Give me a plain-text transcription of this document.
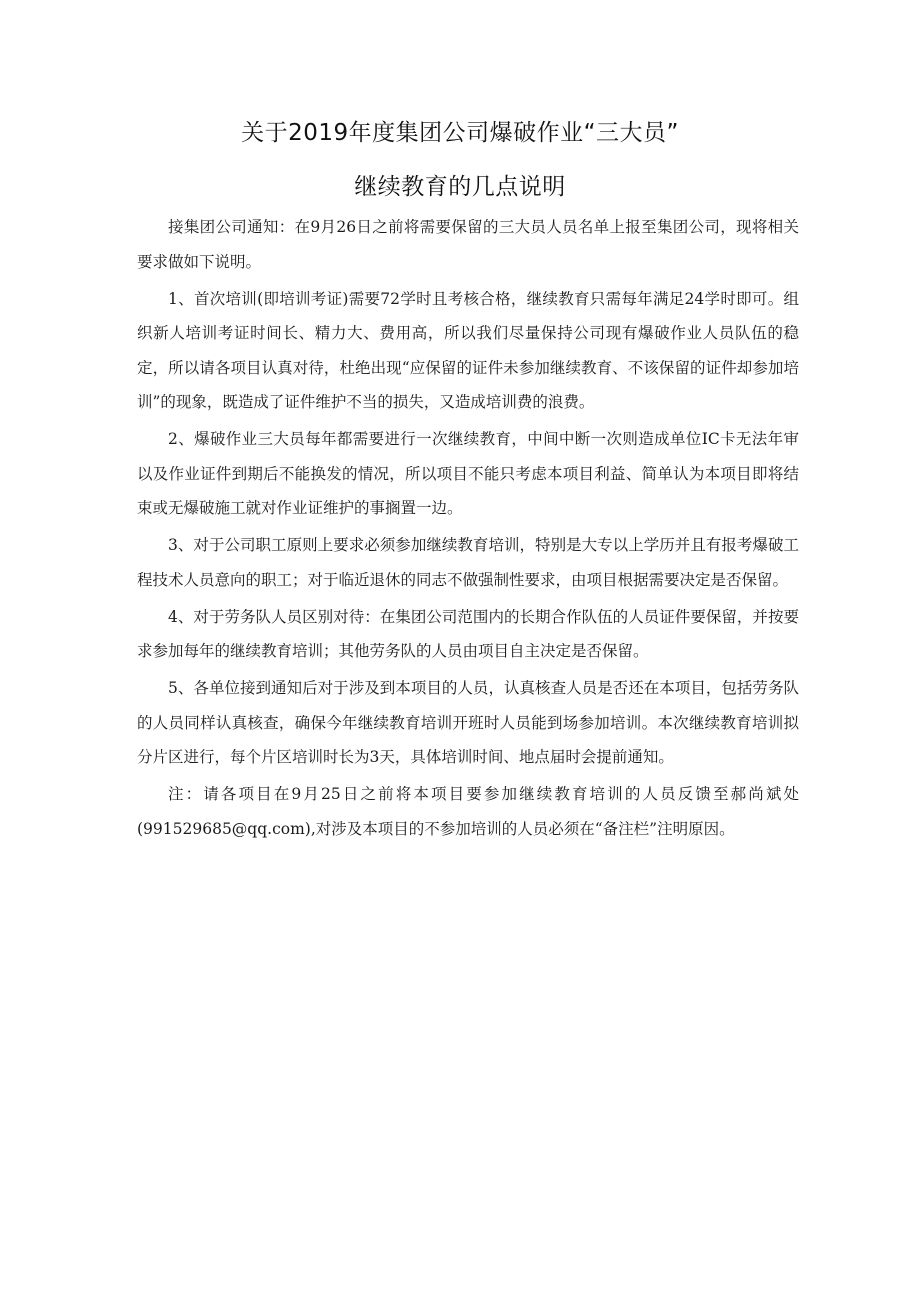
关于2019年度集团公司爆破作业“三大员”
继续教育的几点说明

接集团公司通知：在9月26日之前将需要保留的三大员人员名单上报至集团公司，现将相关要求做如下说明。

1、首次培训(即培训考证)需要72学时且考核合格，继续教育只需每年满足24学时即可。组织新人培训考证时间长、精力大、费用高，所以我们尽量保持公司现有爆破作业人员队伍的稳定，所以请各项目认真对待，杜绝出现“应保留的证件未参加继续教育、不该保留的证件却参加培训”的现象，既造成了证件维护不当的损失，又造成培训费的浪费。

2、爆破作业三大员每年都需要进行一次继续教育，中间中断一次则造成单位IC卡无法年审以及作业证件到期后不能换发的情况，所以项目不能只考虑本项目利益、简单认为本项目即将结束或无爆破施工就对作业证维护的事搁置一边。

3、对于公司职工原则上要求必须参加继续教育培训，特别是大专以上学历并且有报考爆破工程技术人员意向的职工；对于临近退休的同志不做强制性要求，由项目根据需要决定是否保留。

4、对于劳务队人员区别对待：在集团公司范围内的长期合作队伍的人员证件要保留，并按要求参加每年的继续教育培训；其他劳务队的人员由项目自主决定是否保留。

5、各单位接到通知后对于涉及到本项目的人员，认真核查人员是否还在本项目，包括劳务队的人员同样认真核查，确保今年继续教育培训开班时人员能到场参加培训。本次继续教育培训拟分片区进行，每个片区培训时长为3天，具体培训时间、地点届时会提前通知。

注：请各项目在9月25日之前将本项目要参加继续教育培训的人员反馈至郝尚斌处(991529685@qq.com),对涉及本项目的不参加培训的人员必须在“备注栏”注明原因。
